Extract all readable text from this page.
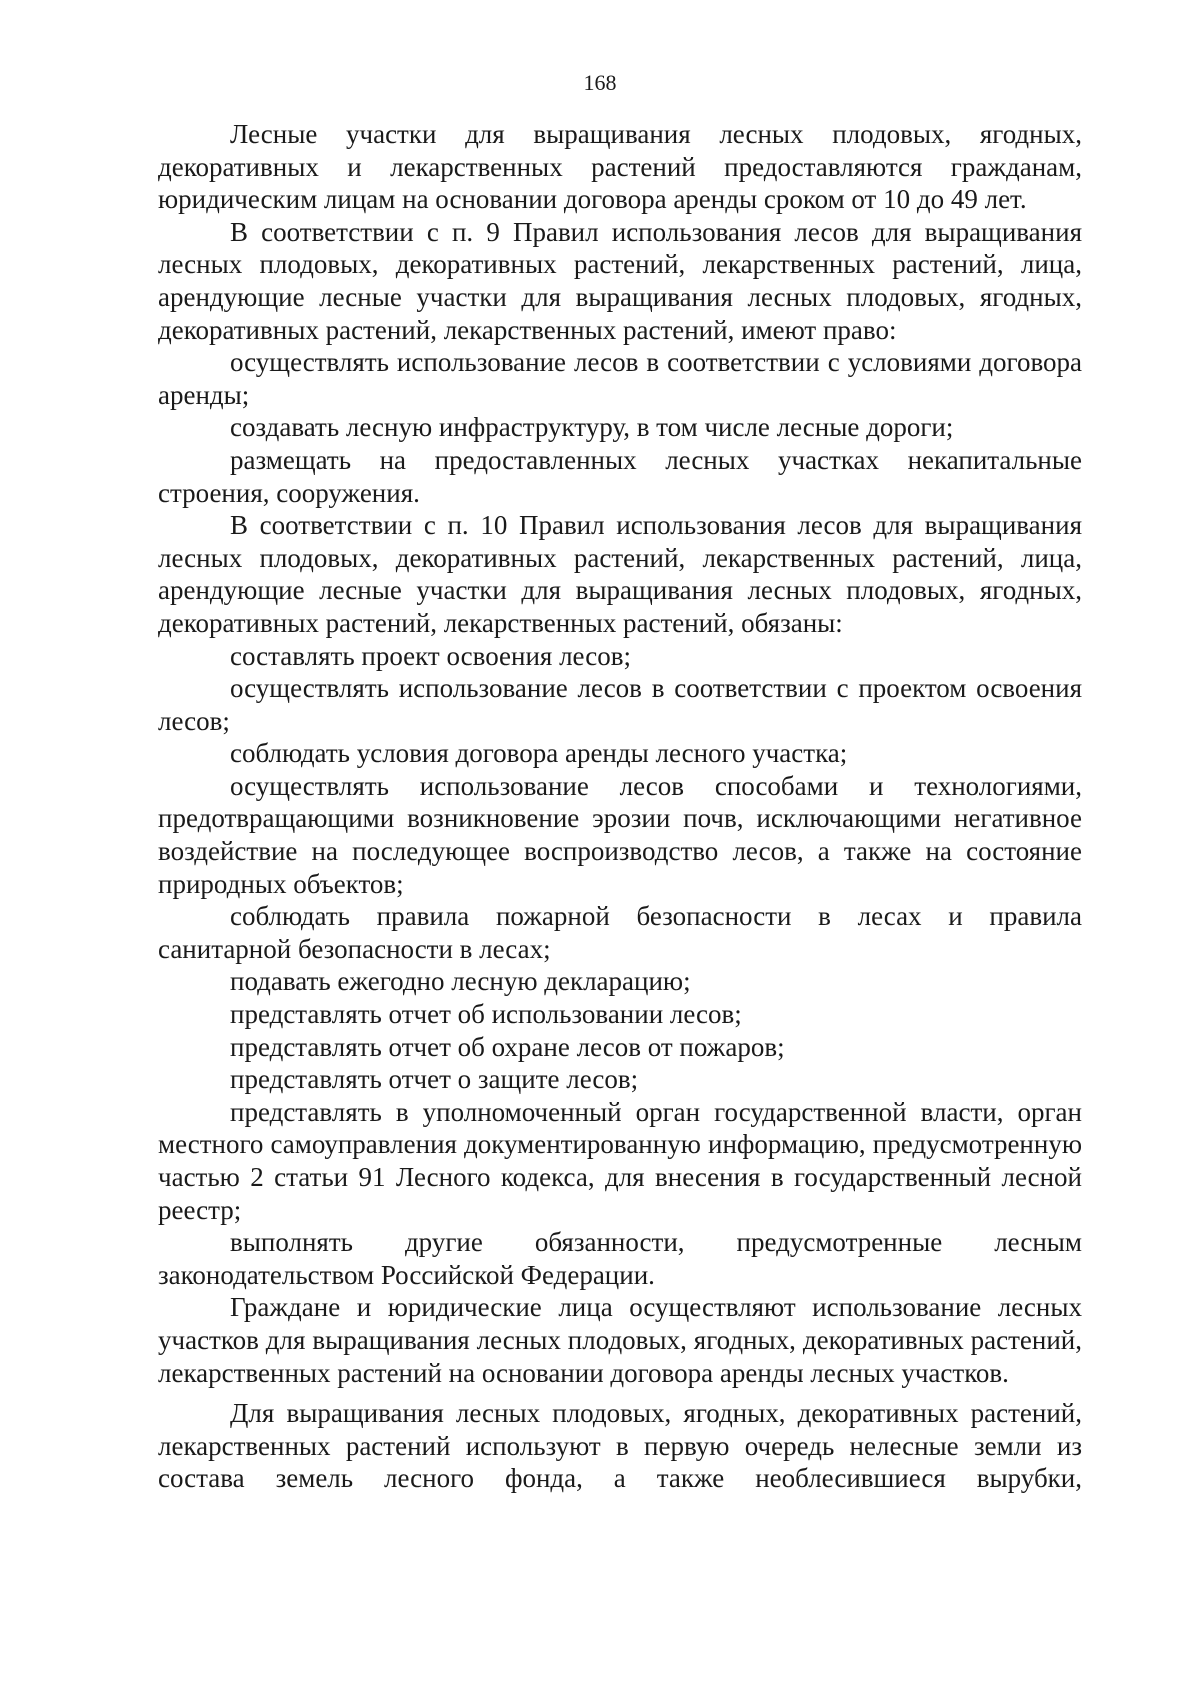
168

Лесные участки для выращивания лесных плодовых, ягодных, декоративных и лекарственных растений предоставляются гражданам, юридическим лицам на основании договора аренды сроком от 10 до 49 лет.

В соответствии с п. 9 Правил использования лесов для выращивания лесных плодовых, декоративных растений, лекарственных растений, лица, арендующие лесные участки для выращивания лесных плодовых, ягодных, декоративных растений, лекарственных растений, имеют право:

осуществлять использование лесов в соответствии с условиями договора аренды;

создавать лесную инфраструктуру, в том числе лесные дороги;

размещать на предоставленных лесных участках некапитальные строения, сооружения.

В соответствии с п. 10 Правил использования лесов для выращивания лесных плодовых, декоративных растений, лекарственных растений, лица, арендующие лесные участки для выращивания лесных плодовых, ягодных, декоративных растений, лекарственных растений, обязаны:

составлять проект освоения лесов;

осуществлять использование лесов в соответствии с проектом освоения лесов;

соблюдать условия договора аренды лесного участка;

осуществлять использование лесов способами и технологиями, предотвращающими возникновение эрозии почв, исключающими негативное воздействие на последующее воспроизводство лесов, а также на состояние природных объектов;

соблюдать правила пожарной безопасности в лесах и правила санитарной безопасности в лесах;

подавать ежегодно лесную декларацию;

представлять отчет об использовании лесов;

представлять отчет об охране лесов от пожаров;

представлять отчет о защите лесов;

представлять в уполномоченный орган государственной власти, орган местного самоуправления документированную информацию, предусмотренную частью 2 статьи 91 Лесного кодекса, для внесения в государственный лесной реестр;

выполнять другие обязанности, предусмотренные лесным законодательством Российской Федерации.

Граждане и юридические лица осуществляют использование лесных участков для выращивания лесных плодовых, ягодных, декоративных растений, лекарственных растений на основании договора аренды лесных участков.

Для выращивания лесных плодовых, ягодных, декоративных растений, лекарственных растений используют в первую очередь нелесные земли из состава земель лесного фонда, а также необлесившиеся вырубки,
